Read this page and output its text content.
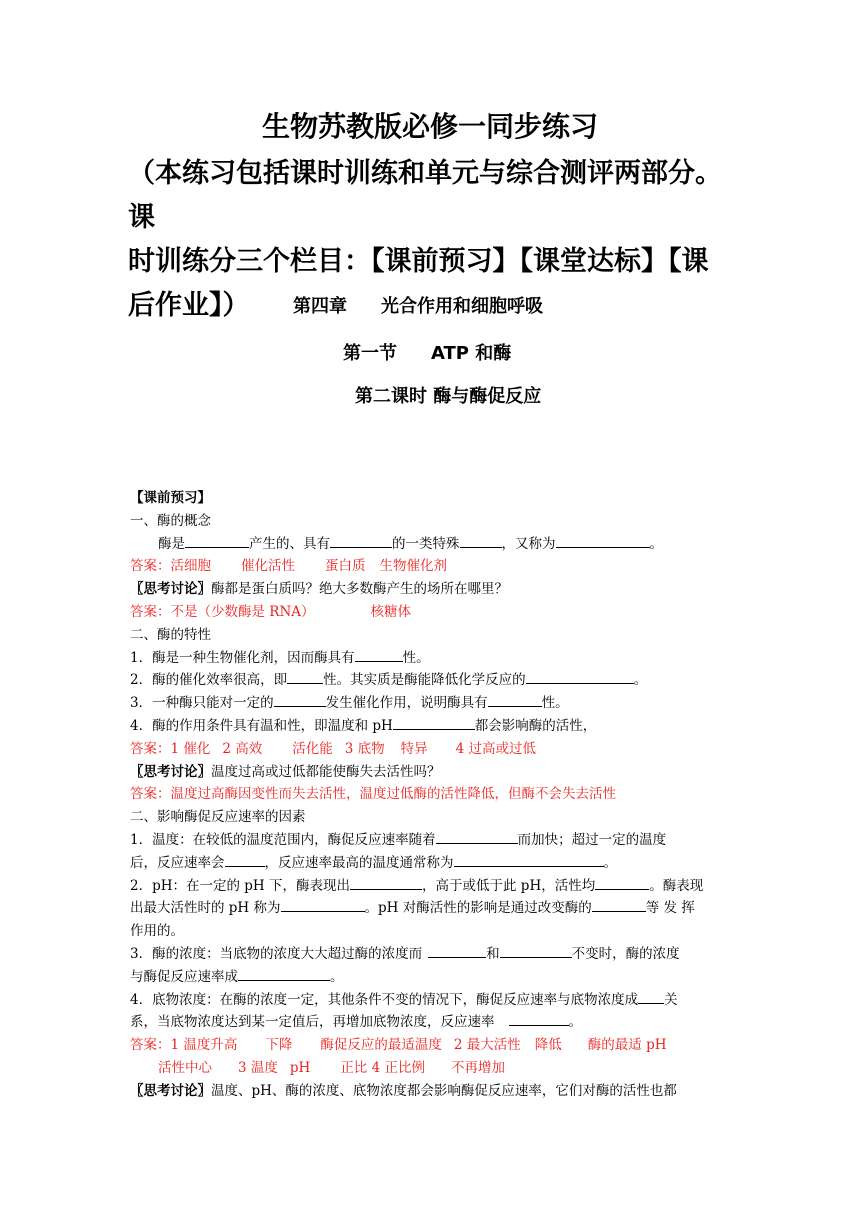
生物苏教版必修一同步练习
（本练习包括课时训练和单元与综合测评两部分。课
时训练分三个栏目：【课前预习】【课堂达标】【课
后作业】）	第四章 光合作用和细胞呼吸
第一节 ATP 和酶
第二课时 酶与酶促反应
【课前预习】
一、酶的概念
酶是	产生的、具有	的一类特殊	，又称为	。
答案：活细胞 催化活性 蛋白质 生物催化剂
〖思考讨论〗酶都是蛋白质吗？绝大多数酶产生的场所在哪里？
答案：不是（少数酶是 RNA）	核糖体
二、酶的特性
1．酶是一种生物催化剂，因而酶具有	性。
2．酶的催化效率很高，即	性。其实质是酶能降低化学反应的	。
3．一种酶只能对一定的	发生催化作用，说明酶具有	性。
4．酶的作用条件具有温和性，即温度和 pH	都会影响酶的活性，
答案：1 催化 2 高效 活化能 3 底物 特异 4 过高或过低
〖思考讨论〗温度过高或过低都能使酶失去活性吗？
答案：温度过高酶因变性而失去活性，温度过低酶的活性降低，但酶不会失去活性
二、影响酶促反应速率的因素
1．温度：在较低的温度范围内，酶促反应速率随着	而加快；超过一定的温度
后，反应速率会	，反应速率最高的温度通常称为	。
2．pH：在一定的 pH 下，酶表现出	，高于或低于此 pH，活性均	。酶表现
出最大活性时的 pH 称为	。pH 对酶活性的影响是通过改变酶的	等 发 挥
作用的。
3．酶的浓度：当底物的浓度大大超过酶的浓度而	和	不变时，酶的浓度
与酶促反应速率成	。
4．底物浓度：在酶的浓度一定，其他条件不变的情况下，酶促反应速率与底物浓度成 关
系，当底物浓度达到某一定值后，再增加底物浓度，反应速率	。
答案：1 温度升高 下降 酶促反应的最适温度 2 最大活性 降低 酶的最适 pH
活性中心 3 温度 pH 正比 4 正比例 不再增加
〖思考讨论〗温度、pH、酶的浓度、底物浓度都会影响酶促反应速率，它们对酶的活性也都
